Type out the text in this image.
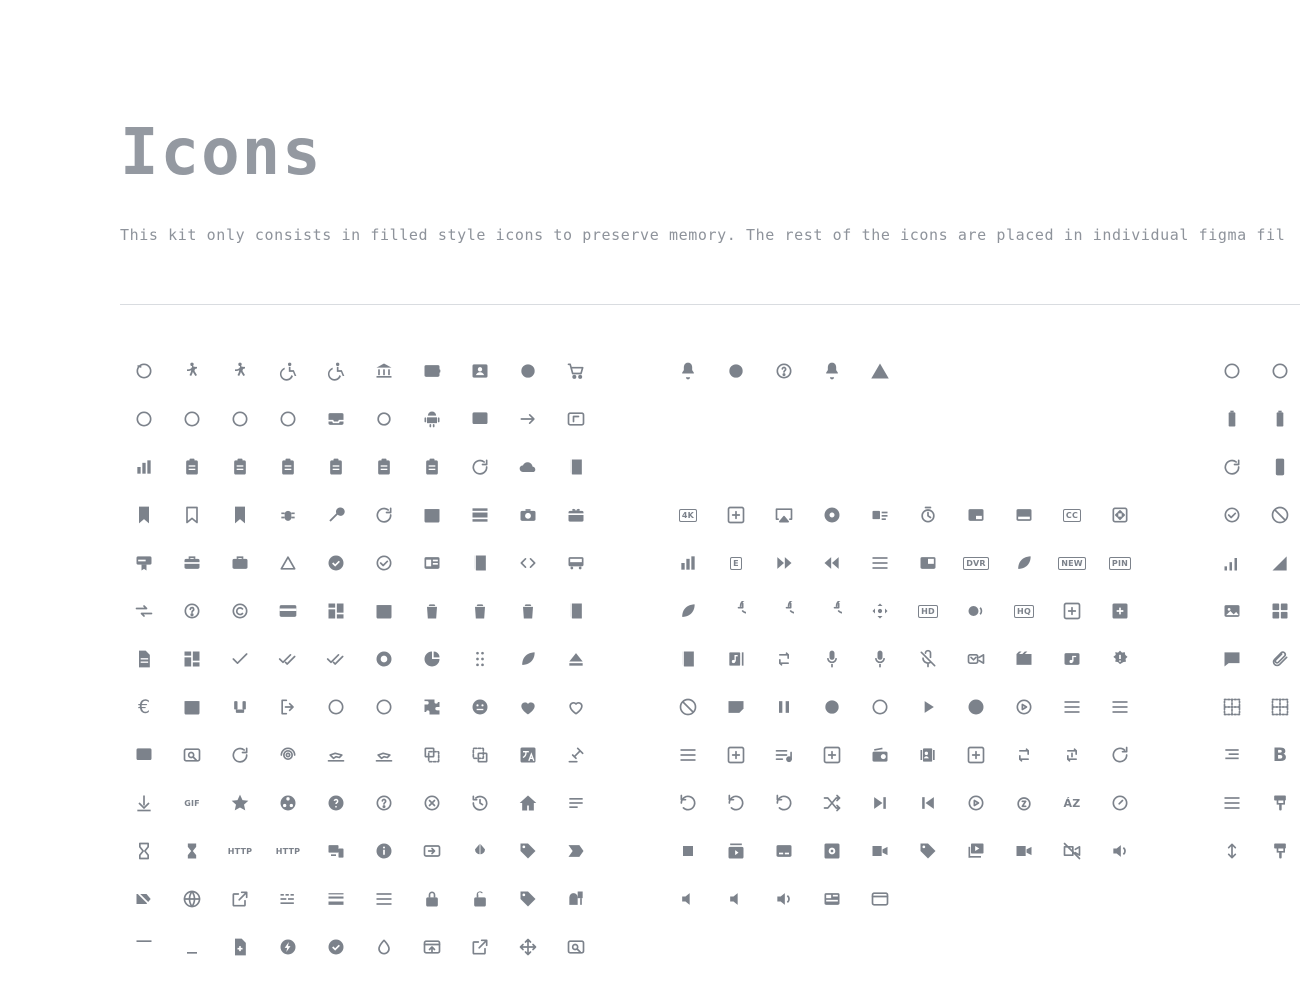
Icons

This kit only consists in filled style icons to preserve memory. The rest of the icons are placed in individual figma fil

€
GIF
HTTP	HTTP
4K	CC
E	DVR	NEW	PIN
HD	HQ
ÁZ
B
